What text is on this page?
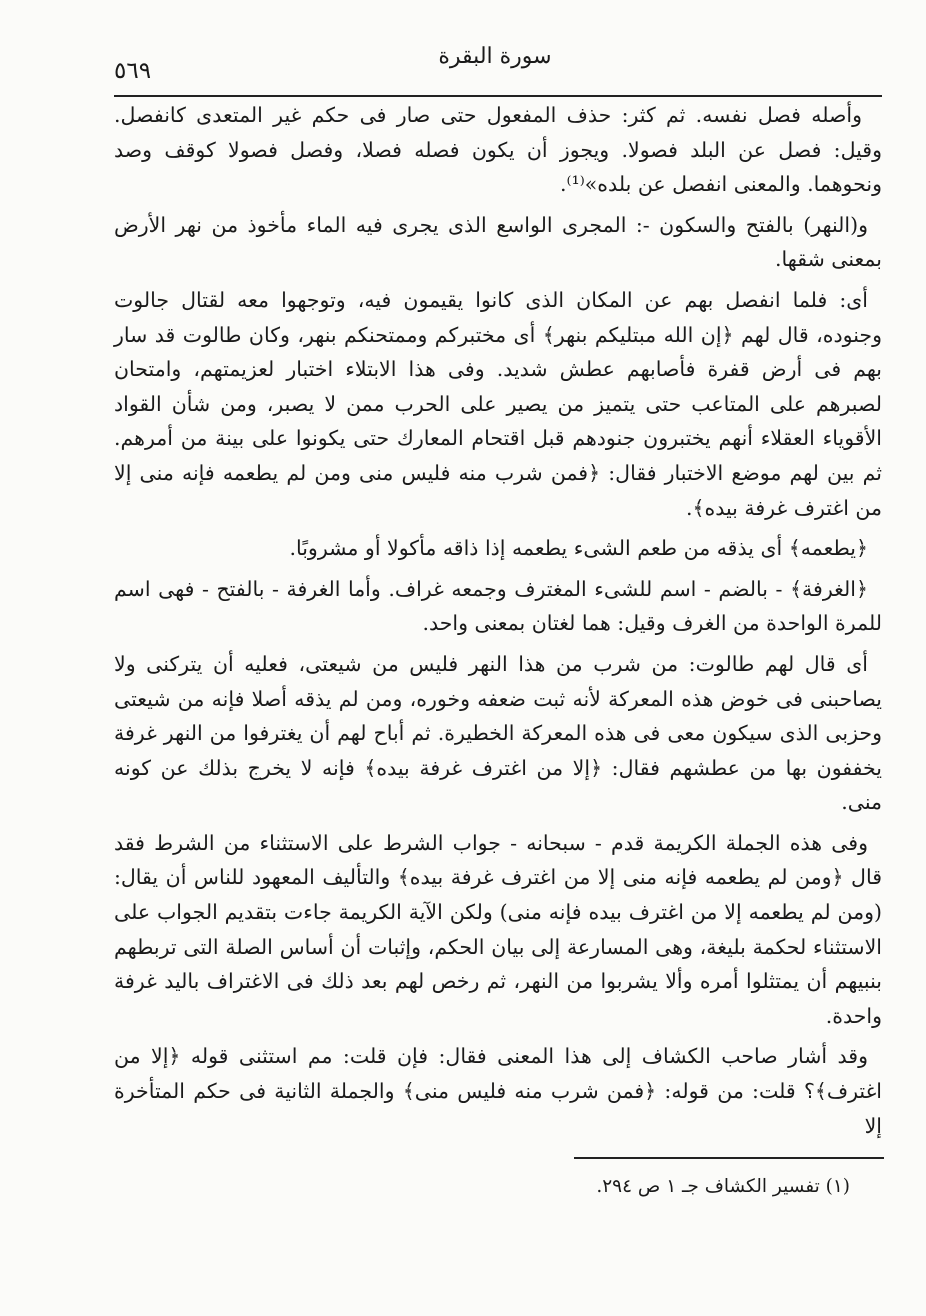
٥٦٩
سورة البقرة

وأصله فصل نفسه. ثم كثر: حذف المفعول حتى صار فى حكم غير المتعدى كانفصل. وقيل: فصل عن البلد فصولا. ويجوز أن يكون فصله فصلا، وفصل فصولا كوقف وصد ونحوهما. والمعنى انفصل عن بلده»⁽¹⁾.

و(النهر) بالفتح والسكون -: المجرى الواسع الذى يجرى فيه الماء مأخوذ من نهر الأرض بمعنى شقها.

أى: فلما انفصل بهم عن المكان الذى كانوا يقيمون فيه، وتوجهوا معه لقتال جالوت وجنوده، قال لهم ﴿إن الله مبتليكم بنهر﴾ أى مختبركم وممتحنكم بنهر، وكان طالوت قد سار بهم فى أرض قفرة فأصابهم عطش شديد. وفى هذا الابتلاء اختبار لعزيمتهم، وامتحان لصبرهم على المتاعب حتى يتميز من يصير على الحرب ممن لا يصبر، ومن شأن القواد الأقوياء العقلاء أنهم يختبرون جنودهم قبل اقتحام المعارك حتى يكونوا على بينة من أمرهم. ثم بين لهم موضع الاختبار فقال: ﴿فمن شرب منه فليس منى ومن لم يطعمه فإنه منى إلا من اغترف غرفة بيده﴾.

﴿يطعمه﴾ أى يذقه من طعم الشىء يطعمه إذا ذاقه مأكولا أو مشروبًا.

﴿الغرفة﴾ - بالضم - اسم للشىء المغترف وجمعه غراف. وأما الغرفة - بالفتح - فهى اسم للمرة الواحدة من الغرف وقيل: هما لغتان بمعنى واحد.

أى قال لهم طالوت: من شرب من هذا النهر فليس من شيعتى، فعليه أن يتركنى ولا يصاحبنى فى خوض هذه المعركة لأنه ثبت ضعفه وخوره، ومن لم يذقه أصلا فإنه من شيعتى وحزبى الذى سيكون معى فى هذه المعركة الخطيرة. ثم أباح لهم أن يغترفوا من النهر غرفة يخففون بها من عطشهم فقال: ﴿إلا من اغترف غرفة بيده﴾ فإنه لا يخرج بذلك عن كونه منى.

وفى هذه الجملة الكريمة قدم - سبحانه - جواب الشرط على الاستثناء من الشرط فقد قال ﴿ومن لم يطعمه فإنه منى إلا من اغترف غرفة بيده﴾ والتأليف المعهود للناس أن يقال: (ومن لم يطعمه إلا من اغترف بيده فإنه منى) ولكن الآية الكريمة جاءت بتقديم الجواب على الاستثناء لحكمة بليغة، وهى المسارعة إلى بيان الحكم، وإثبات أن أساس الصلة التى تربطهم بنبيهم أن يمتثلوا أمره وألا يشربوا من النهر، ثم رخص لهم بعد ذلك فى الاغتراف باليد غرفة واحدة.

وقد أشار صاحب الكشاف إلى هذا المعنى فقال: فإن قلت: مم استثنى قوله ﴿إلا من اغترف﴾؟ قلت: من قوله: ﴿فمن شرب منه فليس منى﴾ والجملة الثانية فى حكم المتأخرة إلا

(١) تفسير الكشاف جـ ١ ص ٢٩٤.
